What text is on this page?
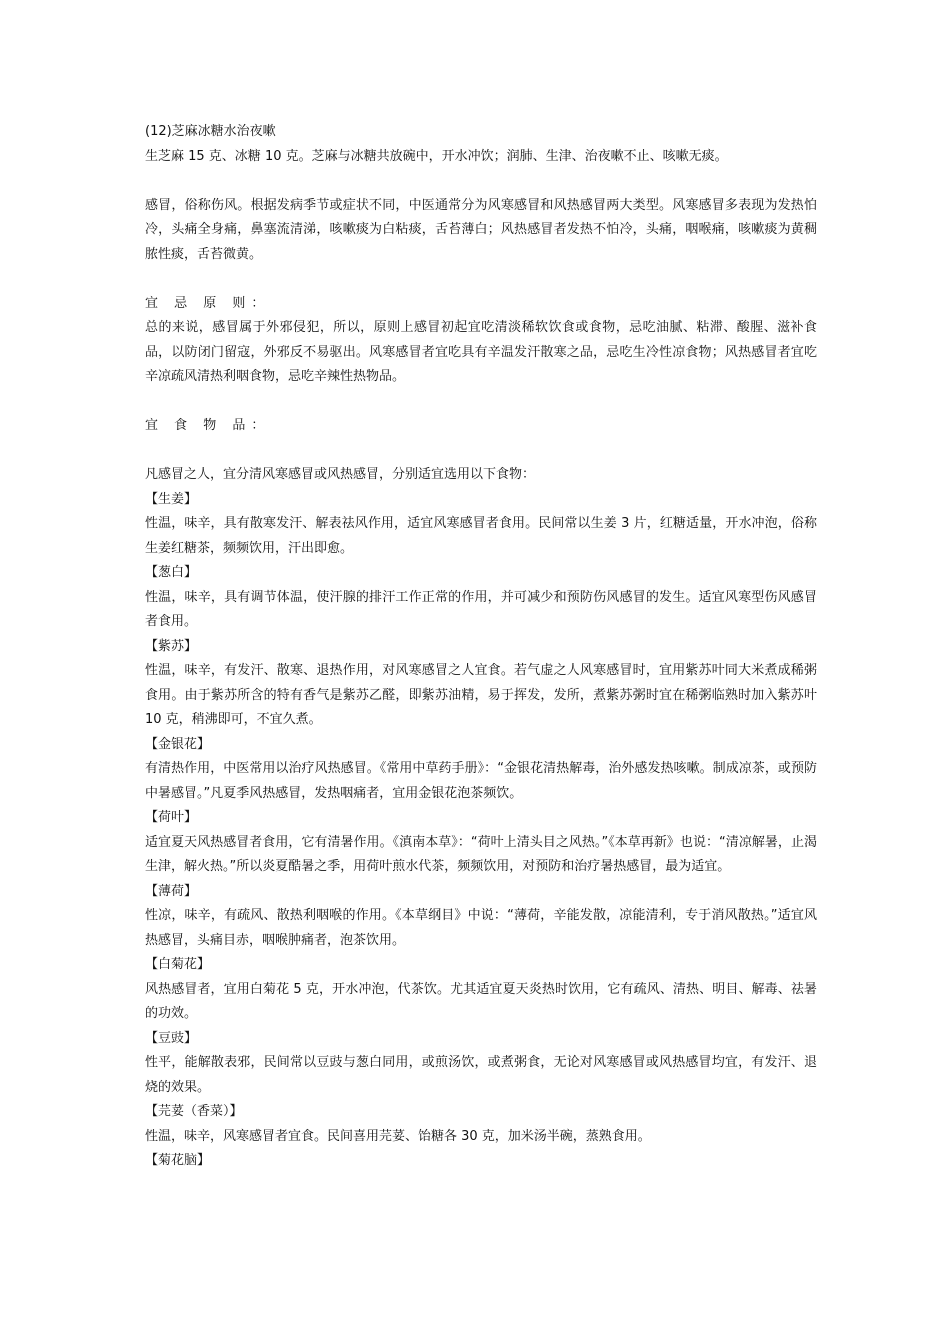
(12)芝麻冰糖水治夜嗽

生芝麻 15 克、冰糖 10 克。芝麻与冰糖共放碗中，开水冲饮；润肺、生津、治夜嗽不止、咳嗽无痰。

感冒，俗称伤风。根据发病季节或症状不同，中医通常分为风寒感冒和风热感冒两大类型。风寒感冒多表现为发热怕冷，头痛全身痛，鼻塞流清涕，咳嗽痰为白粘痰，舌苔薄白；风热感冒者发热不怕冷，头痛，咽喉痛，咳嗽痰为黄稠脓性痰，舌苔微黄。

宜 忌 原 则：

总的来说，感冒属于外邪侵犯，所以，原则上感冒初起宜吃清淡稀软饮食或食物，忌吃油腻、粘滞、酸腥、滋补食品，以防闭门留寇，外邪反不易驱出。风寒感冒者宜吃具有辛温发汗散寒之品，忌吃生冷性凉食物；风热感冒者宜吃辛凉疏风清热利咽食物，忌吃辛辣性热物品。

宜 食 物 品：

凡感冒之人，宜分清风寒感冒或风热感冒，分别适宜选用以下食物：

【生姜】

性温，味辛，具有散寒发汗、解表祛风作用，适宜风寒感冒者食用。民间常以生姜 3 片，红糖适量，开水冲泡，俗称生姜红糖茶，频频饮用，汗出即愈。

【葱白】

性温，味辛，具有调节体温，使汗腺的排汗工作正常的作用，并可减少和预防伤风感冒的发生。适宜风寒型伤风感冒者食用。

【紫苏】

性温，味辛，有发汗、散寒、退热作用，对风寒感冒之人宜食。若气虚之人风寒感冒时，宜用紫苏叶同大米煮成稀粥食用。由于紫苏所含的特有香气是紫苏乙醛，即紫苏油精，易于挥发，发所，煮紫苏粥时宜在稀粥临熟时加入紫苏叶 10 克，稍沸即可，不宜久煮。

【金银花】

有清热作用，中医常用以治疗风热感冒。《常用中草药手册》：“金银花清热解毒，治外感发热咳嗽。制成凉茶，或预防中暑感冒。”凡夏季风热感冒，发热咽痛者，宜用金银花泡茶频饮。

【荷叶】

适宜夏天风热感冒者食用，它有清暑作用。《滇南本草》：“荷叶上清头目之风热。”《本草再新》也说：“清凉解暑，止渴生津，解火热。”所以炎夏酷暑之季，用荷叶煎水代茶，频频饮用，对预防和治疗暑热感冒，最为适宜。

【薄荷】

性凉，味辛，有疏风、散热利咽喉的作用。《本草纲目》中说：“薄荷，辛能发散，凉能清利，专于消风散热。”适宜风热感冒，头痛目赤，咽喉肿痛者，泡茶饮用。

【白菊花】

风热感冒者，宜用白菊花 5 克，开水冲泡，代茶饮。尤其适宜夏天炎热时饮用，它有疏风、清热、明目、解毒、祛暑的功效。

【豆豉】

性平，能解散表邪，民间常以豆豉与葱白同用，或煎汤饮，或煮粥食，无论对风寒感冒或风热感冒均宜，有发汗、退烧的效果。

【芫荽（香菜）】

性温，味辛，风寒感冒者宜食。民间喜用芫荽、饴糖各 30 克，加米汤半碗，蒸熟食用。

【菊花脑】
